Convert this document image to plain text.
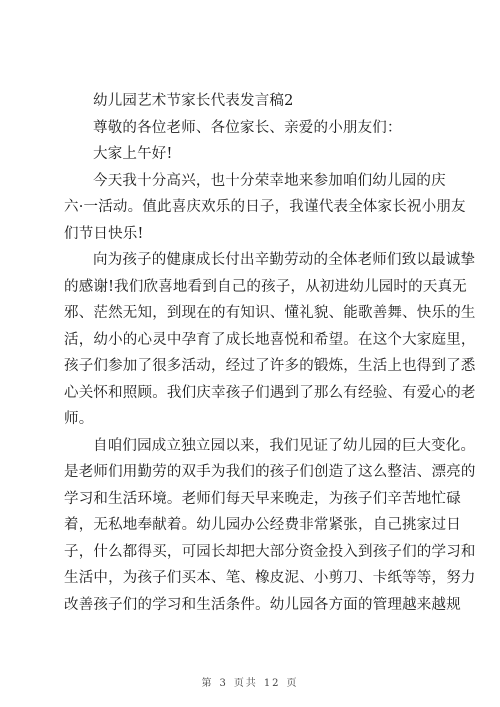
幼儿园艺术节家长代表发言稿2
尊敬的各位老师、各位家长、亲爱的小朋友们：
大家上午好!
今天我十分高兴，也十分荣幸地来参加咱们幼儿园的庆
六·一活动。值此喜庆欢乐的日子，我谨代表全体家长祝小朋友
们节日快乐!
向为孩子的健康成长付出辛勤劳动的全体老师们致以最诚挚
的感谢!我们欣喜地看到自己的孩子，从初进幼儿园时的天真无
邪、茫然无知，到现在的有知识、懂礼貌、能歌善舞、快乐的生
活，幼小的心灵中孕育了成长地喜悦和希望。在这个大家庭里，
孩子们参加了很多活动，经过了许多的锻炼，生活上也得到了悉
心关怀和照顾。我们庆幸孩子们遇到了那么有经验、有爱心的老
师。
自咱们园成立独立园以来，我们见证了幼儿园的巨大变化。
是老师们用勤劳的双手为我们的孩子们创造了这么整洁、漂亮的
学习和生活环境。老师们每天早来晚走，为孩子们辛苦地忙碌
着，无私地奉献着。幼儿园办公经费非常紧张，自己挑家过日
子，什么都得买，可园长却把大部分资金投入到孩子们的学习和
生活中，为孩子们买本、笔、橡皮泥、小剪刀、卡纸等等，努力
改善孩子们的学习和生活条件。幼儿园各方面的管理越来越规
第 3 页共 12 页
